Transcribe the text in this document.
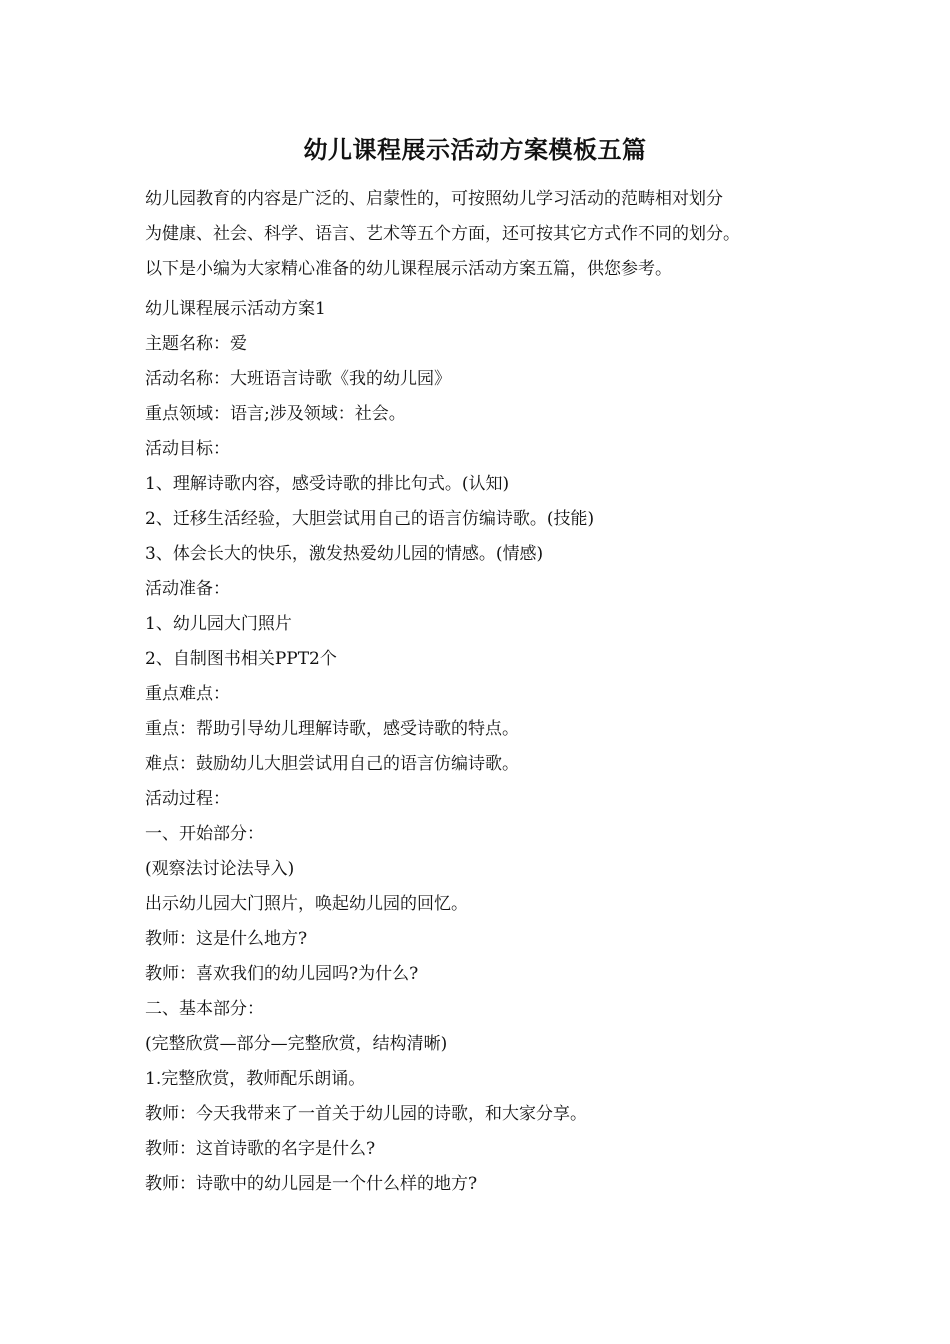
幼儿课程展示活动方案模板五篇
幼儿园教育的内容是广泛的、启蒙性的，可按照幼儿学习活动的范畴相对划分
为健康、社会、科学、语言、艺术等五个方面，还可按其它方式作不同的划分。
以下是小编为大家精心准备的幼儿课程展示活动方案五篇，供您参考。
幼儿课程展示活动方案1
主题名称：爱
活动名称：大班语言诗歌《我的幼儿园》
重点领域：语言;涉及领域：社会。
活动目标：
1、理解诗歌内容，感受诗歌的排比句式。(认知)
2、迁移生活经验，大胆尝试用自己的语言仿编诗歌。(技能)
3、体会长大的快乐，激发热爱幼儿园的情感。(情感)
活动准备：
1、幼儿园大门照片
2、自制图书相关PPT2个
重点难点：
重点：帮助引导幼儿理解诗歌，感受诗歌的特点。
难点：鼓励幼儿大胆尝试用自己的语言仿编诗歌。
活动过程：
一、开始部分：
(观察法讨论法导入)
出示幼儿园大门照片，唤起幼儿园的回忆。
教师：这是什么地方?
教师：喜欢我们的幼儿园吗?为什么?
二、基本部分：
(完整欣赏—部分—完整欣赏，结构清晰)
1.完整欣赏，教师配乐朗诵。
教师：今天我带来了一首关于幼儿园的诗歌，和大家分享。
教师：这首诗歌的名字是什么?
教师：诗歌中的幼儿园是一个什么样的地方?
